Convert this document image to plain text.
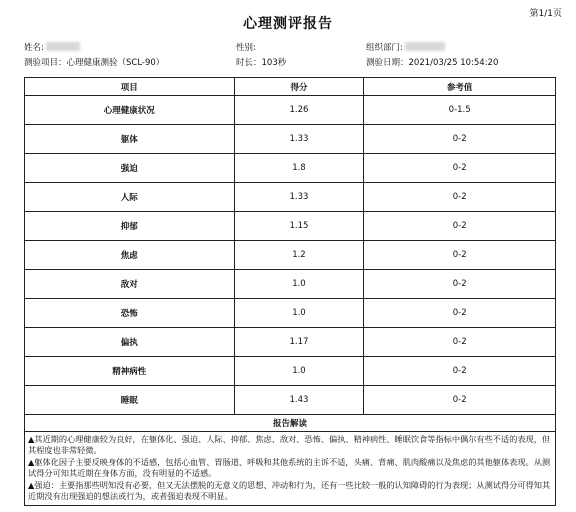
第1/1页
心理测评报告
姓名:	性别:	组织部门:
测验项目：心理健康测验（SCL-90）	时长：103秒	测验日期：2021/03/25 10:54:20
项目	得分	参考值
心理健康状况	1.26	0-1.5
躯体	1.33	0-2
强迫	1.8	0-2
人际	1.33	0-2
抑郁	1.15	0-2
焦虑	1.2	0-2
敌对	1.0	0-2
恐怖	1.0	0-2
偏执	1.17	0-2
精神病性	1.0	0-2
睡眠	1.43	0-2
报告解读		

▲其近期的心理健康较为良好，在躯体化、强迫、人际、抑郁、焦虑、敌对、恐怖、偏执、精神病性、睡眠饮食等指标中偶尔有些不适的表现，但其程度也非常轻微。

▲躯体化因子主要反映身体的不适感，包括心血管、胃肠道、呼吸和其他系统的主诉不适，头痛、背痛、肌肉酸痛以及焦虑的其他躯体表现。从测试得分可知其近期在身体方面，没有明显的不适感。

▲强迫：主要指那些明知没有必要，但又无法摆脱的无意义的思想、冲动和行为，还有一些比较一般的认知障碍的行为表现；从测试得分可得知其近期没有出现强迫的想法或行为，或者强迫表现不明显。		
